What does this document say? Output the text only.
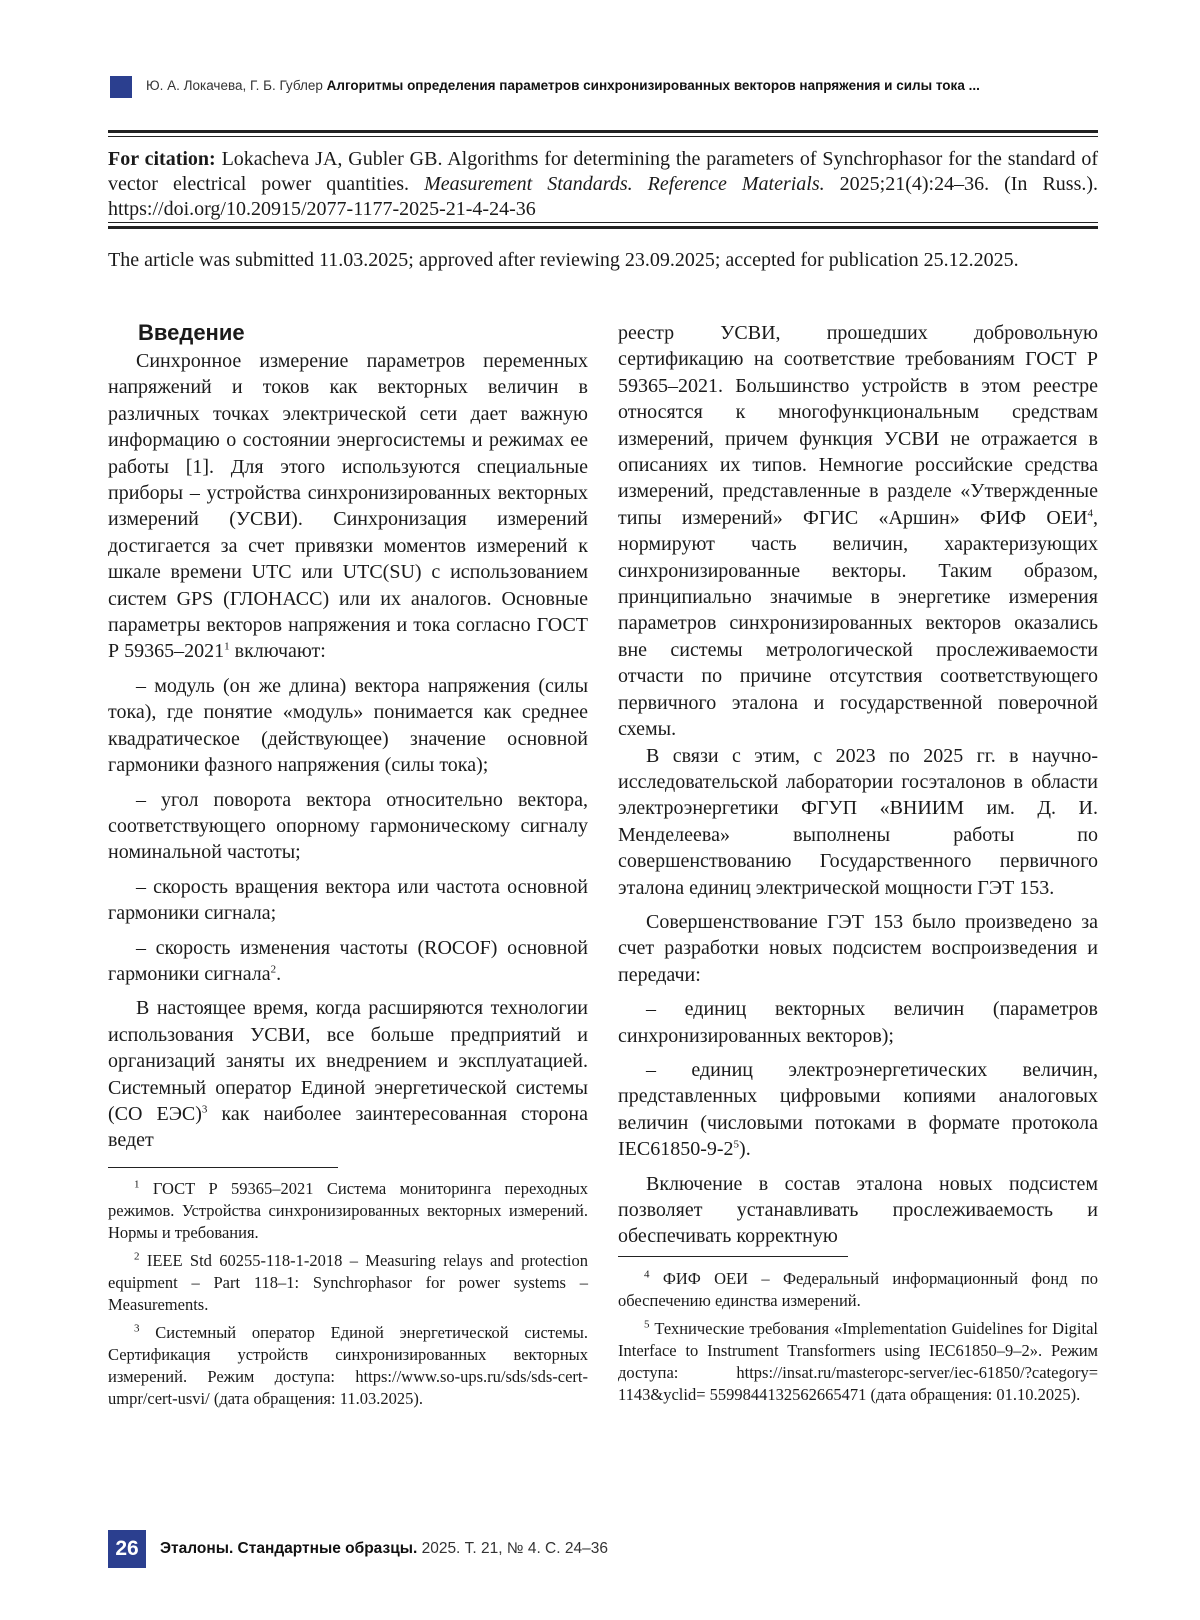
Ю. А. Локачева, Г. Б. Гублер Алгоритмы определения параметров синхронизированных векторов напряжения и силы тока ...
For citation: Lokacheva JA, Gubler GB. Algorithms for determining the parameters of Synchrophasor for the standard of vector electrical power quantities. Measurement Standards. Reference Materials. 2025;21(4):24–36. (In Russ.). https://doi.org/10.20915/2077-1177-2025-21-4-24-36
The article was submitted 11.03.2025; approved after reviewing 23.09.2025; accepted for publication 25.12.2025.
Введение

Синхронное измерение параметров переменных напряжений и токов как векторных величин в различных точках электрической сети дает важную информацию о состоянии энергосистемы и режимах ее работы [1]. Для этого используются специальные приборы – устройства синхронизированных векторных измерений (УСВИ). Синхронизация измерений достигается за счет привязки моментов измерений к шкале времени UTC или UTC(SU) с использованием систем GPS (ГЛОНАСС) или их аналогов. Основные параметры векторов напряжения и тока согласно ГОСТ Р 59365–2021$^1$ включают:

– модуль (он же длина) вектора напряжения (силы тока), где понятие «модуль» понимается как среднее квадратическое (действующее) значение основной гармоники фазного напряжения (силы тока);

– угол поворота вектора относительно вектора, соответствующего опорному гармоническому сигналу номинальной частоты;

– скорость вращения вектора или частота основной гармоники сигнала;

– скорость изменения частоты (ROCOF) основной гармоники сигнала$^2$.

В настоящее время, когда расширяются технологии использования УСВИ, все больше предприятий и организаций заняты их внедрением и эксплуатацией. Системный оператор Единой энергетической системы (СО ЕЭС)$^3$ как наиболее заинтересованная сторона ведет

$^1$ ГОСТ Р 59365–2021 Система мониторинга переходных режимов. Устройства синхронизированных векторных измерений. Нормы и требования.

$^2$ IEEE Std 60255-118-1-2018 – Measuring relays and protection equipment – Part 118–1: Synchrophasor for power systems – Measurements.

$^3$ Системный оператор Единой энергетической системы. Сертификация устройств синхронизированных векторных измерений. Режим доступа: https://www.so-ups.ru/sds/sds-cert-umpr/cert-usvi/ (дата обращения: 11.03.2025).

реестр УСВИ, прошедших добровольную сертификацию на соответствие требованиям ГОСТ Р 59365–2021. Большинство устройств в этом реестре относятся к многофункциональным средствам измерений, причем функция УСВИ не отражается в описаниях их типов. Немногие российские средства измерений, представленные в разделе «Утвержденные типы измерений» ФГИС «Аршин» ФИФ ОЕИ$^4$, нормируют часть величин, характеризующих синхронизированные векторы. Таким образом, принципиально значимые в энергетике измерения параметров синхронизированных векторов оказались вне системы метрологической прослеживаемости отчасти по причине отсутствия соответствующего первичного эталона и государственной поверочной схемы.

В связи с этим, с 2023 по 2025 гг. в научно-исследовательской лаборатории госэталонов в области электроэнергетики ФГУП «ВНИИМ им. Д. И. Менделеева» выполнены работы по совершенствованию Государственного первичного эталона единиц электрической мощности ГЭТ 153.

Совершенствование ГЭТ 153 было произведено за счет разработки новых подсистем воспроизведения и передачи:

– единиц векторных величин (параметров синхронизированных векторов);

– единиц электроэнергетических величин, представленных цифровыми копиями аналоговых величин (числовыми потоками в формате протокола $IEC61850-9-2^5$).

Включение в состав эталона новых подсистем позволяет устанавливать прослеживаемость и обеспечивать корректную

$^4$ ФИФ ОЕИ – Федеральный информационный фонд по обеспечению единства измерений.

$^5$ Технические требования «Implementation Guidelines for Digital Interface to Instrument Transformers using IEC61850–9–2». Режим доступа: https://insat.ru/masteropc-server/iec-61850/?category= 1143&yclid= 5599844132562665471 (дата обращения: 01.10.2025).

26	Эталоны. Стандартные образцы. 2025. Т. 21, № 4. С. 24–36
